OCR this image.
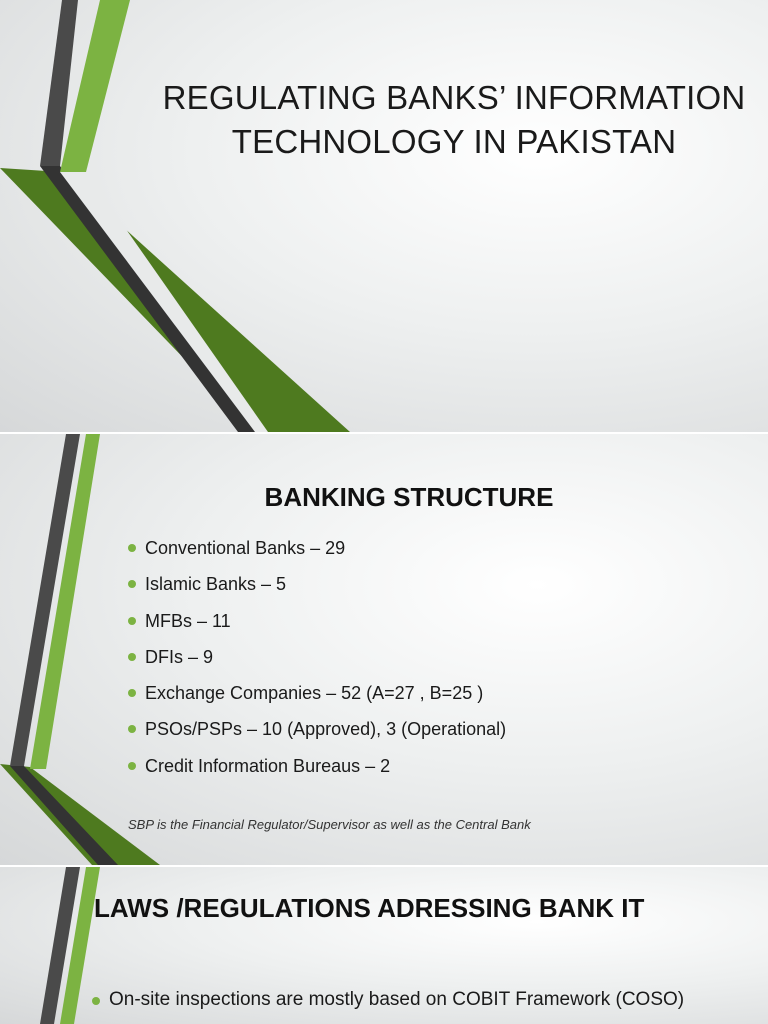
REGULATING BANKS’ INFORMATION
TECHNOLOGY IN PAKISTAN
BANKING STRUCTURE
Conventional Banks – 29
Islamic Banks – 5
MFBs – 11
DFIs – 9
Exchange Companies – 52 (A=27 , B=25 )
PSOs/PSPs – 10 (Approved), 3 (Operational)
Credit Information Bureaus – 2
SBP is the Financial Regulator/Supervisor as well as the Central Bank
LAWS /REGULATIONS ADRESSING BANK IT
On-site inspections are mostly based on COBIT Framework (COSO)
